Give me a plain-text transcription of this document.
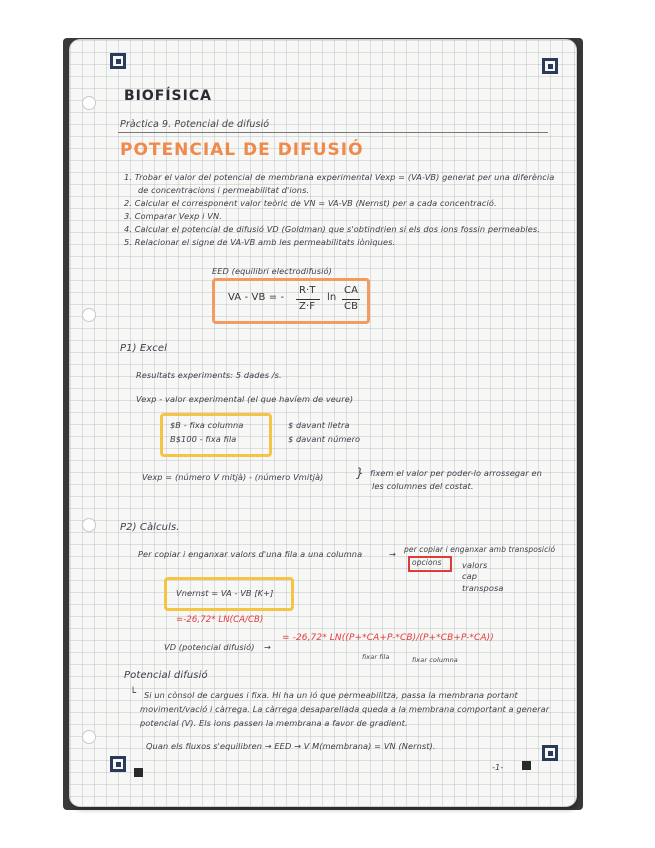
BIOFÍSICA
Pràctica 9. Potencial de difusió
POTENCIAL DE DIFUSIÓ
1. Trobar el valor del potencial de membrana experimental Vexp = (VA-VB) generat per una diferència
de concentracions i permeabilitat d'ions.
2. Calcular el corresponent valor teòric de VN = VA-VB (Nernst) per a cada concentració.
3. Comparar Vexp i VN.
4. Calcular el potencial de difusió VD (Goldman) que s'obtindrien si els dos ions fossin permeables.
5. Relacionar el signe de VA-VB amb les permeabilitats iòniques.
EED (equilibri electrodifusió)
VA - VB = -
R·T
Z·F
ln
CA
CB
P1) Excel
Resultats experiments: 5 dades /s.
Vexp - valor experimental (el que havíem de veure)
$B - fixa columna
B$100 - fixa fila
$ davant lletra
$ davant número
Vexp = (número V mitjà) - (número Vmitjà)	} fixem el valor per poder-lo arrossegar en
les columnes del costat.
P2) Càlculs.
Per copiar i enganxar valors d'una fila a una columna	→ per copiar i enganxar amb transposició
opcions valors
cap
transposa
Vnernst = VA - VB [K+]
=-26,72* LN(CA/CB)
VD (potencial difusió) →
= -26,72* LN((P+*CA+P-*CB)/(P+*CB+P-*CA))
fixar fila	fixar columna
Potencial difusió
└ Si un cònsol de cargues i fixa. Hi ha un ió que permeabilitza, passa la membrana portant
moviment/vació i càrrega. La càrrega desaparellada queda a la membrana comportant a generar
potencial (V). Els ions passen la membrana a favor de gradient.
Quan els fluxos s'equilibren → EED → V M(membrana) = VN (Nernst).
-1-
